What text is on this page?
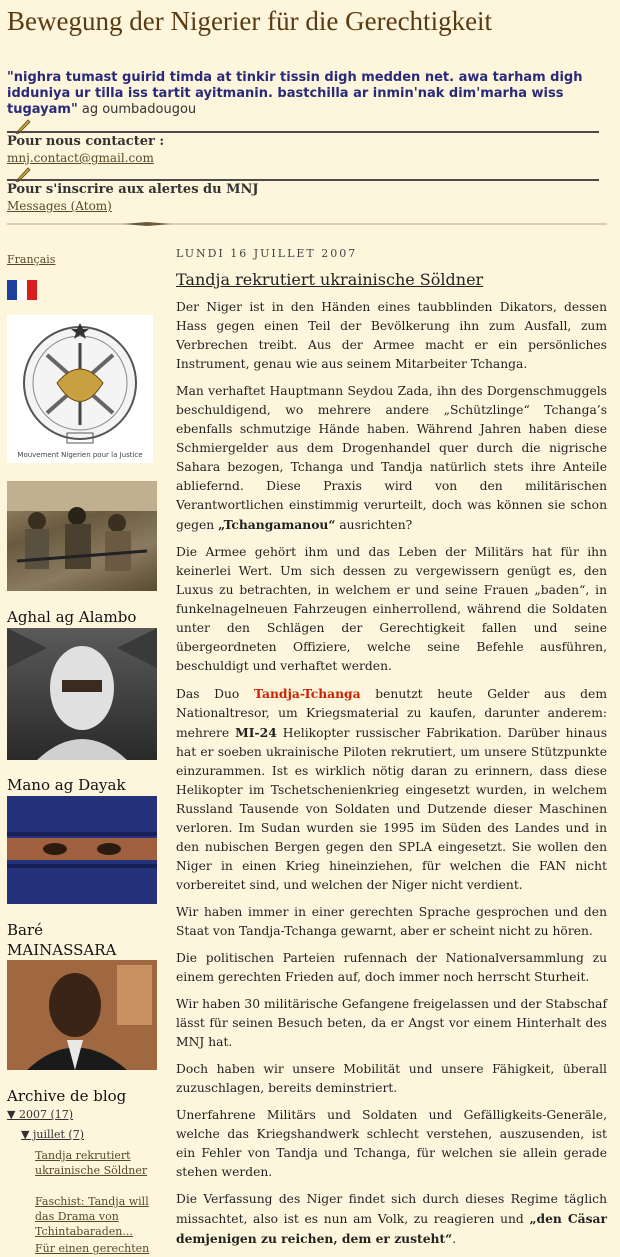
Bewegung der Nigerier für die Gerechtigkeit
"nighra tumast guirid timda at tinkir tissin digh medden net. awa tarham digh idduniya ur tilla iss tartit ayitmanin. bastchilla ar inmin'nak dim'marha wiss tugayam" ag oumbadougou
Pour nous contacter :
mnj.contact@gmail.com
Pour s'inscrire aux alertes du MNJ
Messages (Atom)
Français
Mouvement Nigerien pour la Justice
Aghal ag Alambo
Mano ag Dayak
Baré MAINASSARA
Archive de blog
▼ 2007 (17)
▼ juillet (7)
Tandja rekrutiert ukrainische Söldner
Faschist: Tandja will das Drama von Tchintabaraden...
Für einen gerechten
LUNDI 16 JUILLET 2007
Tandja rekrutiert ukrainische Söldner

Der Niger ist in den Händen eines taubblinden Dikators, dessen Hass gegen einen Teil der Bevölkerung ihn zum Ausfall, zum Verbrechen treibt. Aus der Armee macht er ein persönliches Instrument, genau wie aus seinem Mitarbeiter Tchanga.

Man verhaftet Hauptmann Seydou Zada, ihn des Dorgenschmuggels beschuldigend, wo mehrere andere „Schützlinge“ Tchanga’s ebenfalls schmutzige Hände haben. Während Jahren haben diese Schmiergelder aus dem Drogenhandel quer durch die nigrische Sahara bezogen, Tchanga und Tandja natürlich stets ihre Anteile abliefernd. Diese Praxis wird von den militärischen Verantwortlichen einstimmig verurteilt, doch was können sie schon gegen „Tchangamanou“ ausrichten?

Die Armee gehört ihm und das Leben der Militärs hat für ihn keinerlei Wert. Um sich dessen zu vergewissern genügt es, den Luxus zu betrachten, in welchem er und seine Frauen „baden“, in funkelnagelneuen Fahrzeugen einherrollend, während die Soldaten unter den Schlägen der Gerechtigkeit fallen und seine übergeordneten Offiziere, welche seine Befehle ausführen, beschuldigt und verhaftet werden.

Das Duo Tandja-Tchanga benutzt heute Gelder aus dem Nationaltresor, um Kriegsmaterial zu kaufen, darunter anderem: mehrere MI-24 Helikopter russischer Fabrikation. Darüber hinaus hat er soeben ukrainische Piloten rekrutiert, um unsere Stützpunkte einzurammen. Ist es wirklich nötig daran zu erinnern, dass diese Helikopter im Tschetschenienkrieg eingesetzt wurden, in welchem Russland Tausende von Soldaten und Dutzende dieser Maschinen verloren. Im Sudan wurden sie 1995 im Süden des Landes und in den nubischen Bergen gegen den SPLA eingesetzt. Sie wollen den Niger in einen Krieg hineinziehen, für welchen die FAN nicht vorbereitet sind, und welchen der Niger nicht verdient.

Wir haben immer in einer gerechten Sprache gesprochen und den Staat von Tandja-Tchanga gewarnt, aber er scheint nicht zu hören.

Die politischen Parteien rufennach der Nationalversammlung zu einem gerechten Frieden auf, doch immer noch herrscht Sturheit.

Wir haben 30 militärische Gefangene freigelassen und der Stabschaf lässt für seinen Besuch beten, da er Angst vor einem Hinterhalt des MNJ hat.

Doch haben wir unsere Mobilität und unsere Fähigkeit, überall zuzuschlagen, bereits deminstriert.

Unerfahrene Militärs und Soldaten und Gefälligkeits-Generäle, welche das Kriegshandwerk schlecht verstehen, auszusenden, ist ein Fehler von Tandja und Tchanga, für welchen sie allein gerade stehen werden.

Die Verfassung des Niger findet sich durch dieses Regime täglich missachtet, also ist es nun am Volk, zu reagieren und „den Cäsar demjenigen zu reichen, dem er zusteht“.
